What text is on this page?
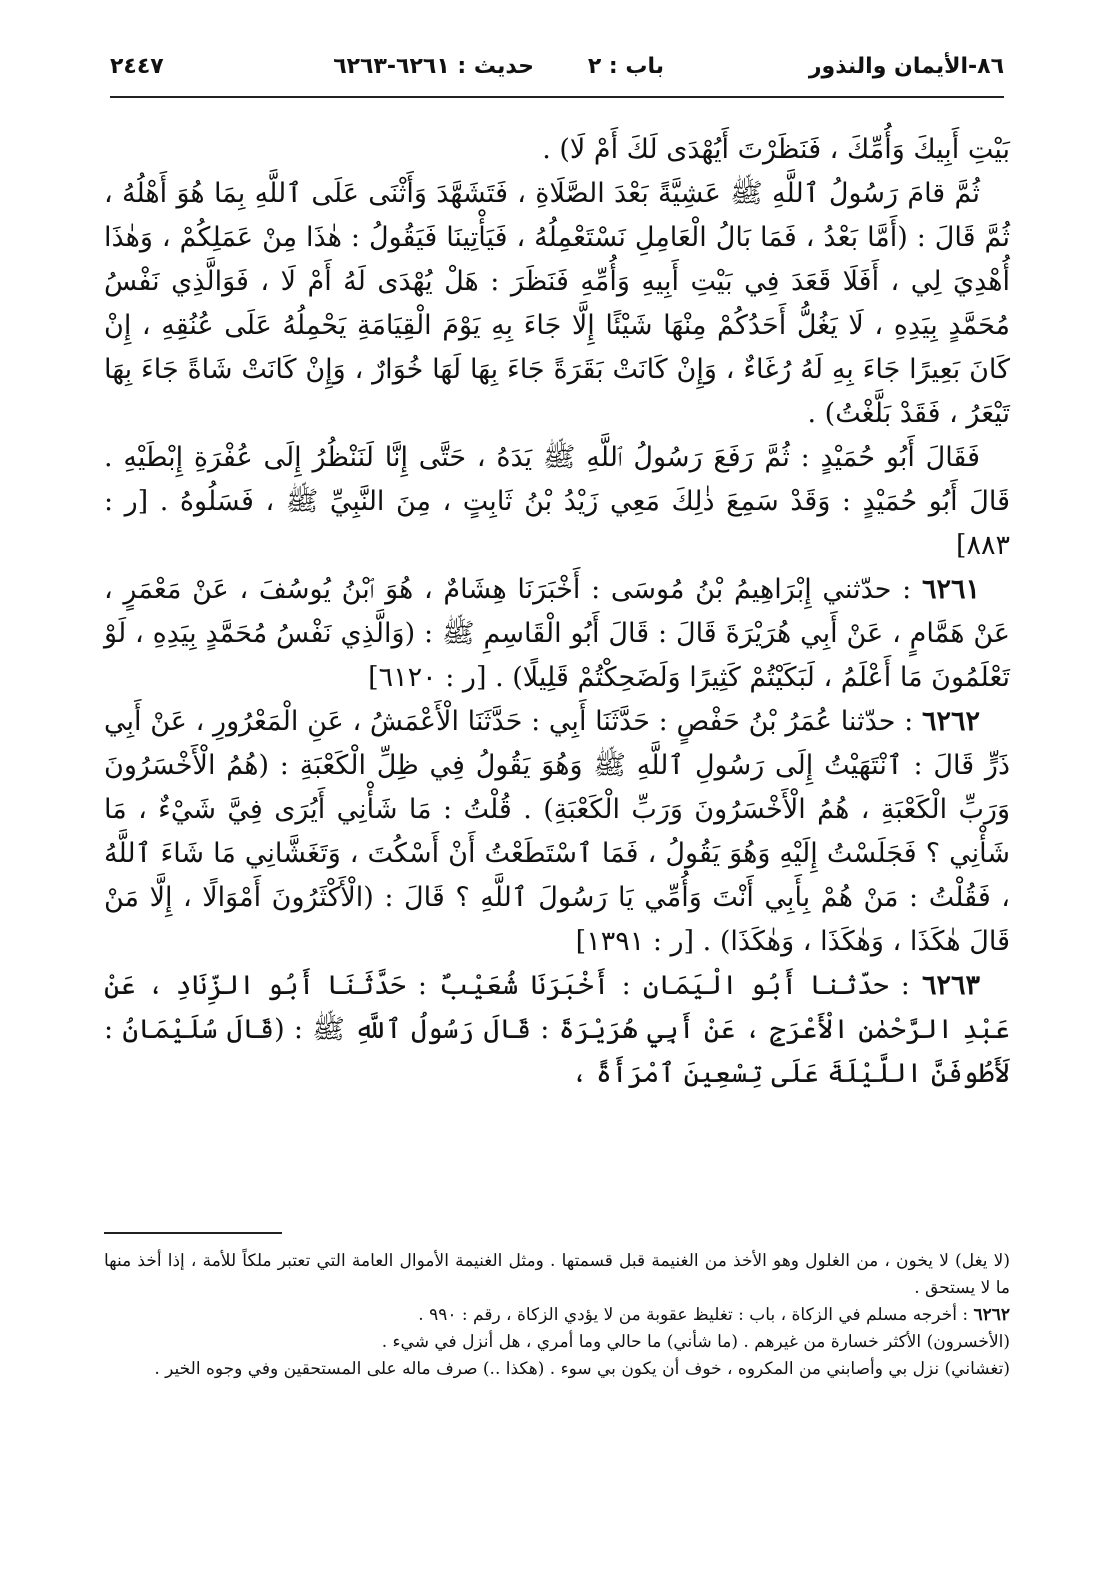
٨٦-الأيمان والنذور
باب : ٢
حديث : ٦٢٦١-٦٢٦٣
٢٤٤٧

بَيْتِ أَبِيكَ وَأُمِّكَ ، فَنَظَرْتَ أَيُهْدَى لَكَ أَمْ لَا) .

ثُمَّ قامَ رَسُولُ ٱللَّهِ ﷺ عَشِيَّةً بَعْدَ الصَّلَاةِ ، فَتَشَهَّدَ وَأَثْنَى عَلَى ٱللَّهِ بِمَا هُوَ أَهْلُهُ ، ثُمَّ قَالَ : (أَمَّا بَعْدُ ، فَمَا بَالُ الْعَامِلِ نَسْتَعْمِلُهُ ، فَيَأْتِينَا فَيَقُولُ : هٰذَا مِنْ عَمَلِكُمْ ، وَهٰذَا أُهْدِيَ لِي ، أَفَلَا قَعَدَ فِي بَيْتِ أَبِيهِ وَأُمِّهِ فَنَظَرَ : هَلْ يُهْدَى لَهُ أَمْ لَا ، فَوَالَّذِي نَفْسُ مُحَمَّدٍ بِيَدِهِ ، لَا يَغُلُّ أَحَدُكُمْ مِنْهَا شَيْئًا إِلَّا جَاءَ بِهِ يَوْمَ الْقِيَامَةِ يَحْمِلُهُ عَلَى عُنُقِهِ ، إِنْ كَانَ بَعِيرًا جَاءَ بِهِ لَهُ رُغَاءٌ ، وَإِنْ كَانَتْ بَقَرَةً جَاءَ بِهَا لَهَا خُوَارٌ ، وَإِنْ كَانَتْ شَاةً جَاءَ بِهَا تَيْعَرُ ، فَقَدْ بَلَّغْتُ) .

فَقَالَ أَبُو حُمَيْدٍ : ثُمَّ رَفَعَ رَسُولُ ٱللَّهِ ﷺ يَدَهُ ، حَتَّى إِنَّا لَنَنْظُرُ إِلَى عُفْرَةِ إِبْطَيْهِ . قَالَ أَبُو حُمَيْدٍ : وَقَدْ سَمِعَ ذٰلِكَ مَعِي زَيْدُ بْنُ ثَابِتٍ ، مِنَ النَّبِيِّ ﷺ ، فَسَلُوهُ . [ر : ٨٨٣]

٦٢٦١ : حدّثني إِبْرَاهِيمُ بْنُ مُوسَى : أَخْبَرَنَا هِشَامٌ ، هُوَ ٱبْنُ يُوسُفَ ، عَنْ مَعْمَرٍ ، عَنْ هَمَّامٍ ، عَنْ أَبِي هُرَيْرَةَ قَالَ : قَالَ أَبُو الْقَاسِمِ ﷺ : (وَالَّذِي نَفْسُ مُحَمَّدٍ بِيَدِهِ ، لَوْ تَعْلَمُونَ مَا أَعْلَمُ ، لَبَكَيْتُمْ كَثِيرًا وَلَضَحِكْتُمْ قَلِيلًا) . [ر : ٦١٢٠]

٦٢٦٢ : حدّثنا عُمَرُ بْنُ حَفْصٍ : حَدَّثَنَا أَبِي : حَدَّثَنَا الْأَعْمَشُ ، عَنِ الْمَعْرُورِ ، عَنْ أَبِي ذَرٍّ قَالَ : ٱنْتَهَيْتُ إِلَى رَسُولِ ٱللَّهِ ﷺ وَهُوَ يَقُولُ فِي ظِلِّ الْكَعْبَةِ : (هُمُ الْأَخْسَرُونَ وَرَبِّ الْكَعْبَةِ ، هُمُ الْأَخْسَرُونَ وَرَبِّ الْكَعْبَةِ) . قُلْتُ : مَا شَأْنِي أَيُرَى فِيَّ شَيْءٌ ، مَا شَأْنِي ؟ فَجَلَسْتُ إِلَيْهِ وَهُوَ يَقُولُ ، فَمَا ٱسْتَطَعْتُ أَنْ أَسْكُتَ ، وَتَغَشَّانِي مَا شَاءَ ٱللَّهُ ، فَقُلْتُ : مَنْ هُمْ بِأَبِي أَنْتَ وَأُمِّي يَا رَسُولَ ٱللَّهِ ؟ قَالَ : (الْأَكْثَرُونَ أَمْوَالًا ، إِلَّا مَنْ قَالَ هٰكَذَا ، وَهٰكَذَا ، وَهٰكَذَا) . [ر : ١٣٩١]

٦٢٦٣ : حدّثنا أَبُو الْيَمَانِ : أَخْبَرَنَا شُعَيْبٌ : حَدَّثَنَا أَبُو الزِّنَادِ ، عَنْ عَبْدِ الرَّحْمٰنِ الْأَعْرَجِ ، عَنْ أَبِي هُرَيْرَةَ : قَالَ رَسُولُ ٱللَّهِ ﷺ : (قَالَ سُلَيْمَانُ : لَأَطُوفَنَّ اللَّيْلَةَ عَلَى تِسْعِينَ ٱمْرَأَةً ،

(لا يغل) لا يخون ، من الغلول وهو الأخذ من الغنيمة قبل قسمتها . ومثل الغنيمة الأموال العامة التي تعتبر ملكاً للأمة ، إذا أخذ منها ما لا يستحق .

٦٢٦٢ : أخرجه مسلم في الزكاة ، باب : تغليظ عقوبة من لا يؤدي الزكاة ، رقم : ٩٩٠ .

(الأخسرون) الأكثر خسارة من غيرهم . (ما شأني) ما حالي وما أمري ، هل أنزل في شيء .

(تغشاني) نزل بي وأصابني من المكروه ، خوف أن يكون بي سوء . (هكذا ..) صرف ماله على المستحقين وفي وجوه الخير .
